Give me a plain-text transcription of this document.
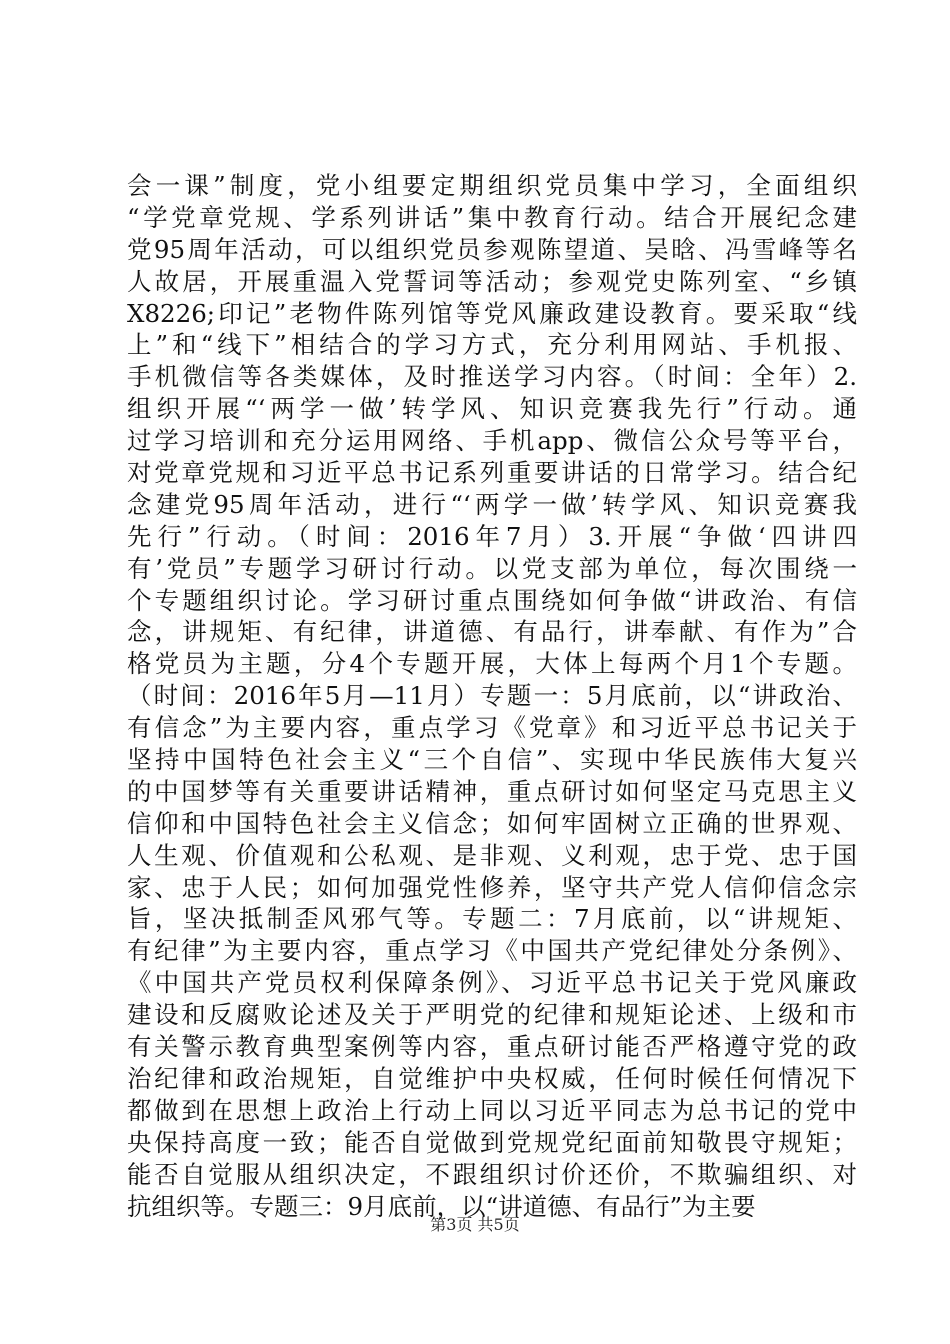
会一课”制度，党小组要定期组织党员集中学习，全面组织
“学党章党规、学系列讲话”集中教育行动。结合开展纪念建
党95周年活动，可以组织党员参观陈望道、吴晗、冯雪峰等名
人故居，开展重温入党誓词等活动；参观党史陈列室、“乡镇
X8226;印记”老物件陈列馆等党风廉政建设教育。要采取“线
上”和“线下”相结合的学习方式，充分利用网站、手机报、
手机微信等各类媒体，及时推送学习内容。（时间：全年）2.
组织开展“‘两学一做’转学风、知识竞赛我先行”行动。通
过学习培训和充分运用网络、手机app、微信公众号等平台，
对党章党规和习近平总书记系列重要讲话的日常学习。结合纪
念建党95周年活动，进行“‘两学一做’转学风、知识竞赛我
先行”行动。（时间：2016年7月）3.开展“争做‘四讲四
有’党员”专题学习研讨行动。以党支部为单位，每次围绕一
个专题组织讨论。学习研讨重点围绕如何争做“讲政治、有信
念，讲规矩、有纪律，讲道德、有品行，讲奉献、有作为”合
格党员为主题，分4个专题开展，大体上每两个月1个专题。
（时间：2016年5月—11月）专题一：5月底前，以“讲政治、
有信念”为主要内容，重点学习《党章》和习近平总书记关于
坚持中国特色社会主义“三个自信”、实现中华民族伟大复兴
的中国梦等有关重要讲话精神，重点研讨如何坚定马克思主义
信仰和中国特色社会主义信念；如何牢固树立正确的世界观、
人生观、价值观和公私观、是非观、义利观，忠于党、忠于国
家、忠于人民；如何加强党性修养，坚守共产党人信仰信念宗
旨，坚决抵制歪风邪气等。专题二：7月底前，以“讲规矩、
有纪律”为主要内容，重点学习《中国共产党纪律处分条例》、
《中国共产党员权利保障条例》、习近平总书记关于党风廉政
建设和反腐败论述及关于严明党的纪律和规矩论述、上级和市
有关警示教育典型案例等内容，重点研讨能否严格遵守党的政
治纪律和政治规矩，自觉维护中央权威，任何时候任何情况下
都做到在思想上政治上行动上同以习近平同志为总书记的党中
央保持高度一致；能否自觉做到党规党纪面前知敬畏守规矩；
能否自觉服从组织决定，不跟组织讨价还价，不欺骗组织、对
抗组织等。专题三：9月底前，以“讲道德、有品行”为主要
第3页 共5页
